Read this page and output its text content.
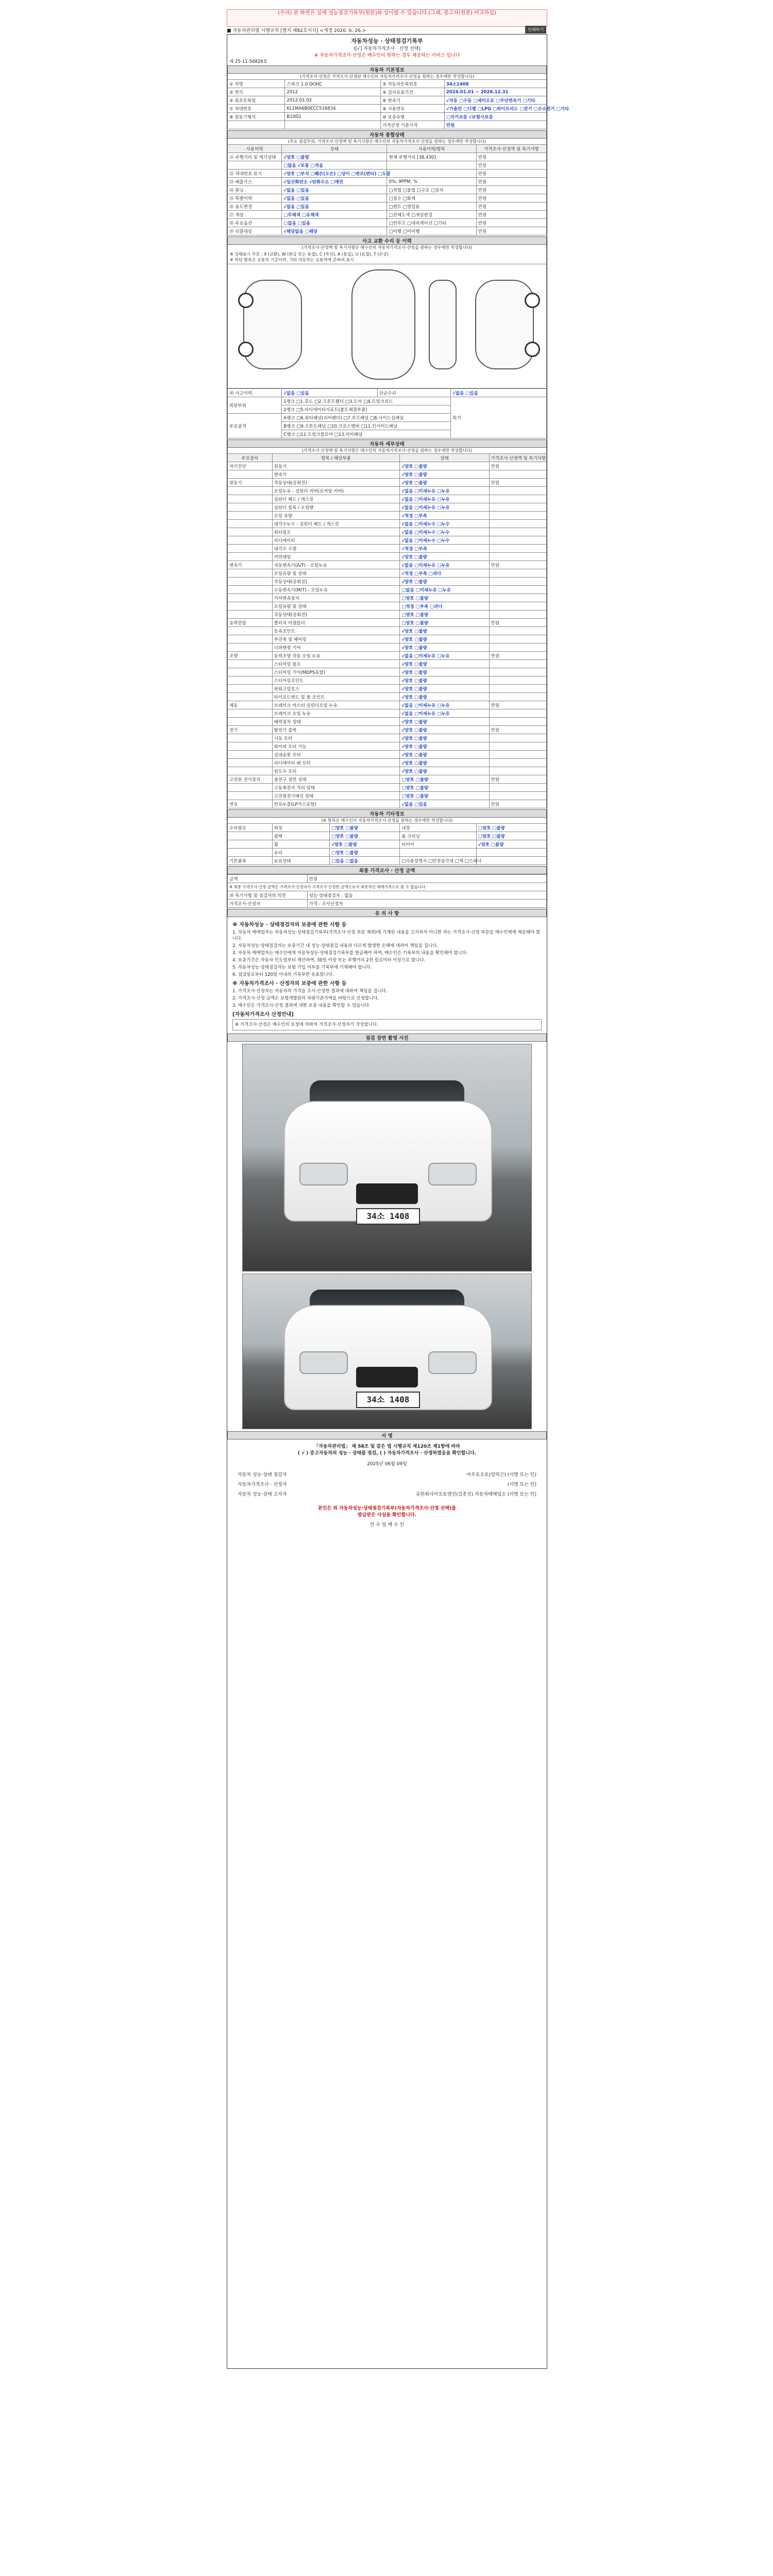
(주의) 본 화면은 실제 성능점검기록부(원본)와 상이할 수 있습니다.(그래, 중고차(원본) 비교하십)
■ 자동차관리법 시행규칙 [별지 제82호서식] <개정 2020. 6. 26.>	인쇄하기
자동차성능 · 상태점검기록부
([√] 자동차가격조사 · 산정 선택)
※ 자동차가격조사·산정은 매수인이 원하는 경우 제공하는 서비스 입니다
제 25-11-56826호
자동차 기본정보
(가격조사·산정은 가격조사·산정된 매수인의 자동차가격조사·산정을 원하는 경우에만 작성합니다)
① 차명	스파크 1.0 DOHC	② 자동차등록번호	34소1408
③ 연식	2012	④ 검사유효기간	2024.01.01 ~ 2026.12.31
⑤ 최초등록일	2012.01.02	⑥ 변속기	√자동 □수동 □세미오토 □무단변속기 □기타
⑦ 차대번호	KL1MA6B0ECC516834	⑧ 사용연료	√가솔린 □디젤 □LPG □하이브리드 □전기 □수소전기 □기타
⑨ 원동기형식	B10D1	⑩ 보증유형	□자가보증 √보험사보증
		가격산정 기준가격	만원
자동차 종합상태
(주요 점검부위, 가격조사·산정액 및 특기사항은 매수인의 자동차가격조사·산정을 원하는 경우에만 작성합니다)
사용이력	상태	사용이력/항목	가격조사·산정액 및 특기사항
⑪ 주행거리 및 계기상태	√양호 □불량	현재 주행거리 [38,430]	만원
	□많음 √보통 □적음		만원
⑫ 차대번호 표기	√양호 □부식 □훼손(오손) □상이 □변조(변타) □도말		만원
⑬ 배출가스	√일산화탄소 √탄화수소 □매연	0%, 9PPM, %	만원
⑭ 튜닝	√없음 □있음	□적법 □불법 □구조 □장치	만원
⑮ 특별이력	√없음 □있음	□침수 □화재	만원
⑯ 용도변경	√없음 □있음	□렌트 □영업용	만원
⑰ 색상	□무채색 □유채색	□전체도색 □색상변경	만원
⑱ 주요옵션	□없음 □있음	□썬루프 □네비게이션 □기타	만원
⑲ 리콜대상	√해당없음 □해당	□이행 □미이행	만원
사고 교환 수리 등 이력
(가격조사·산정액 및 특기사항은 매수인의 자동차가격조사·산정을 원하는 경우에만 작성합니다)
※ 상태표시 부호 : X (교환), W (판금 또는 용접), C (부식), A (흠집), U (요철), T (손상)
※ 하단 항목은 승용차 기준이며, 기타 자동차는 승용차에 준하여 표시
⑳ 사고이력	√없음 □있음	단순수리	√없음 □있음
외판부위	1랭크 □1.후드 □2.프론트휀더 □3.도어 □4.트렁크리드		특기
	2랭크 □5.라디에이터서포트(볼트체결부품)		
주요골격	A랭크 □6.쿼터패널(리어펜더) □7.루프패널 □8.사이드실패널		
	B랭크 □9.프론트패널 □10.크로스멤버 □11.인사이드패널		
	C랭크 □12.트렁크플로어 □13.리어패널		
자동차 세부상태
(가격조사·산정액 및 특기사항은 매수인의 자동차가격조사·산정을 원하는 경우에만 작성합니다)
주요장치	항목 / 해당부품	상태	가격조사·산정액 및 특기사항
자기진단	원동기	√양호 □불량	만원
	변속기	√양호 □불량	
원동기	작동상태(공회전)	√양호 □불량	만원
	오일누유 - 실린더 커버(로커암 커버)	√없음 □미세누유 □누유	
	실린더 헤드 / 개스킷	√없음 □미세누유 □누유	
	실린더 블록 / 오일팬	√없음 □미세누유 □누유	
	오일 유량	√적정 □부족	
	냉각수누수 - 실린더 헤드 / 개스킷	√없음 □미세누수 □누수	
	워터펌프	√없음 □미세누수 □누수	
	라디에이터	√없음 □미세누수 □누수	
	냉각수 수량	√적정 □부족	
	커먼레일	√양호 □불량	
변속기	자동변속기(A/T) - 오일누유	√없음 □미세누유 □누유	만원
	오일유량 및 상태	√적정 □부족 □과다	
	작동상태(공회전)	√양호 □불량	
	수동변속기(M/T) - 오일누유	□없음 □미세누유 □누유	
	기어변속장치	□양호 □불량	
	오일유량 및 상태	□적정 □부족 □과다	
	작동상태(공회전)	□양호 □불량	
동력전달	클러치 어셈블리	□양호 □불량	만원
	등속조인트	√양호 □불량	
	추진축 및 베어링	√양호 □불량	
	디퍼렌셜 기어	√양호 □불량	
조향	동력조향 작동 오일 누유	√없음 □미세누유 □누유	만원
	스티어링 펌프	√양호 □불량	
	스티어링 기어(MDPS포함)	√양호 □불량	
	스티어링조인트	√양호 □불량	
	파워고압호스	√양호 □불량	
	타이로드엔드 및 볼 조인트	√양호 □불량	
제동	브레이크 마스터 실린더오일 누유	√없음 □미세누유 □누유	만원
	브레이크 오일 누유	√없음 □미세누유 □누유	
	배력장치 상태	√양호 □불량	
전기	발전기 출력	√양호 □불량	만원
	시동 모터	√양호 □불량	
	와이퍼 모터 기능	√양호 □불량	
	실내송풍 모터	√양호 □불량	
	라디에이터 팬 모터	√양호 □불량	
	윈도우 모터	√양호 □불량	
고전원 전기장치	충전구 절연 상태	□양호 □불량	만원
	구동축전지 격리 상태	□양호 □불량	
	고전원전기배선 상태	□양호 □불량	
연료	연료누출(LP가스포함)	√없음 □있음	만원
자동차 기타정보
(※ 항목은 매수인이 자동차가격조사·산정을 원하는 경우에만 작성합니다)
수리필요	외장	□양호 □불량	내장	□양호 □불량
	광택	□양호 □불량	룸 크리닝	□양호 □불량
	휠	√양호 □불량	타이어	√양호 □불량
	유리	□양호 □불량		
기본품목	보유상태	□있음 □없음	□사용설명서 □안전삼각대 □잭 □스패너	
최종 가격조사 · 산정 금액
금액	만원
※ 최종 가격조사·산정 금액은 가격조사·산정자가 가격조사·산정한 금액으로서 최종적인 매매가격으로 볼 수 없습니다	
⑳ 특기사항 및 점검자의 의견	성능·상태점검자 : 없음
가격조사·산정자	가격 : 조사산정자
유 의 사 항
※ 자동차성능 · 상태점검자의 보증에 관한 사항 등
1. 자동차 매매업자는 자동차성능·상태점검기록부(가격조사·산정 부분 제외)에 기재된 내용을 고지하지 아니한 자는 가격조사·산정 부분을 매수인에게 제공해야 합니다.
2. 자동차성능·상태점검자는 보증기간 내 성능·상태점검 내용과 다르게 발생한 손해에 대하여 책임을 집니다.
3. 자동차 매매업자는 매수인에게 자동차성능·상태점검기록부를 발급해야 하며, 매수인은 기록부의 내용을 확인해야 합니다.
4. 보증기간은 자동차 인도일부터 계산하며, 30일 이상 또는 주행거리 2천 킬로미터 이상으로 합니다.
5. 자동차성능·상태점검자는 보험 가입 여부를 기록부에 기재해야 합니다.
6. 점검일로부터 120일 이내의 기록부만 유효합니다.
※ 자동차가격조사 · 산정자의 보증에 관한 사항 등
1. 가격조사·산정자는 자동차의 가격을 조사·산정한 결과에 대하여 책임을 집니다.
2. 가격조사·산정 금액은 보험개발원의 차량기준가액을 바탕으로 산정합니다.
3. 매수인은 가격조사·산정 결과에 대한 보증 내용을 확인할 수 있습니다.
[자동차가격조사 산정안내]
※ 가격조사·산정은 매수인의 요청에 의하여 가격조사·산정자가 작성합니다.
점검 장면 촬영 사진
34소 1408
34소 1408
서 명
「자동차관리법」 제 58조 및 같은 법 시행규칙 제120조 제1항에 따라
( √ ) 중고자동차의 성능 · 상태를 점검, ( ) 자동차가격조사 · 산정하였음을 확인합니다.
2025년 06월 09일
자동차 성능·상태 점검자	아우토오토(엄익근) (서명 또는 인)
자동차가격조사 · 산정자	(서명 또는 인)
자동차 성능·상태 고지자	유한회사아오토엔진(김종진) 자동차매매업소 (서명 또는 인)
본인은 위 자동차성능·상태점검기록부(자동차가격조사·산정 선택)를
발급받은 사실을 확인합니다.
인 수 일 매 수 인
